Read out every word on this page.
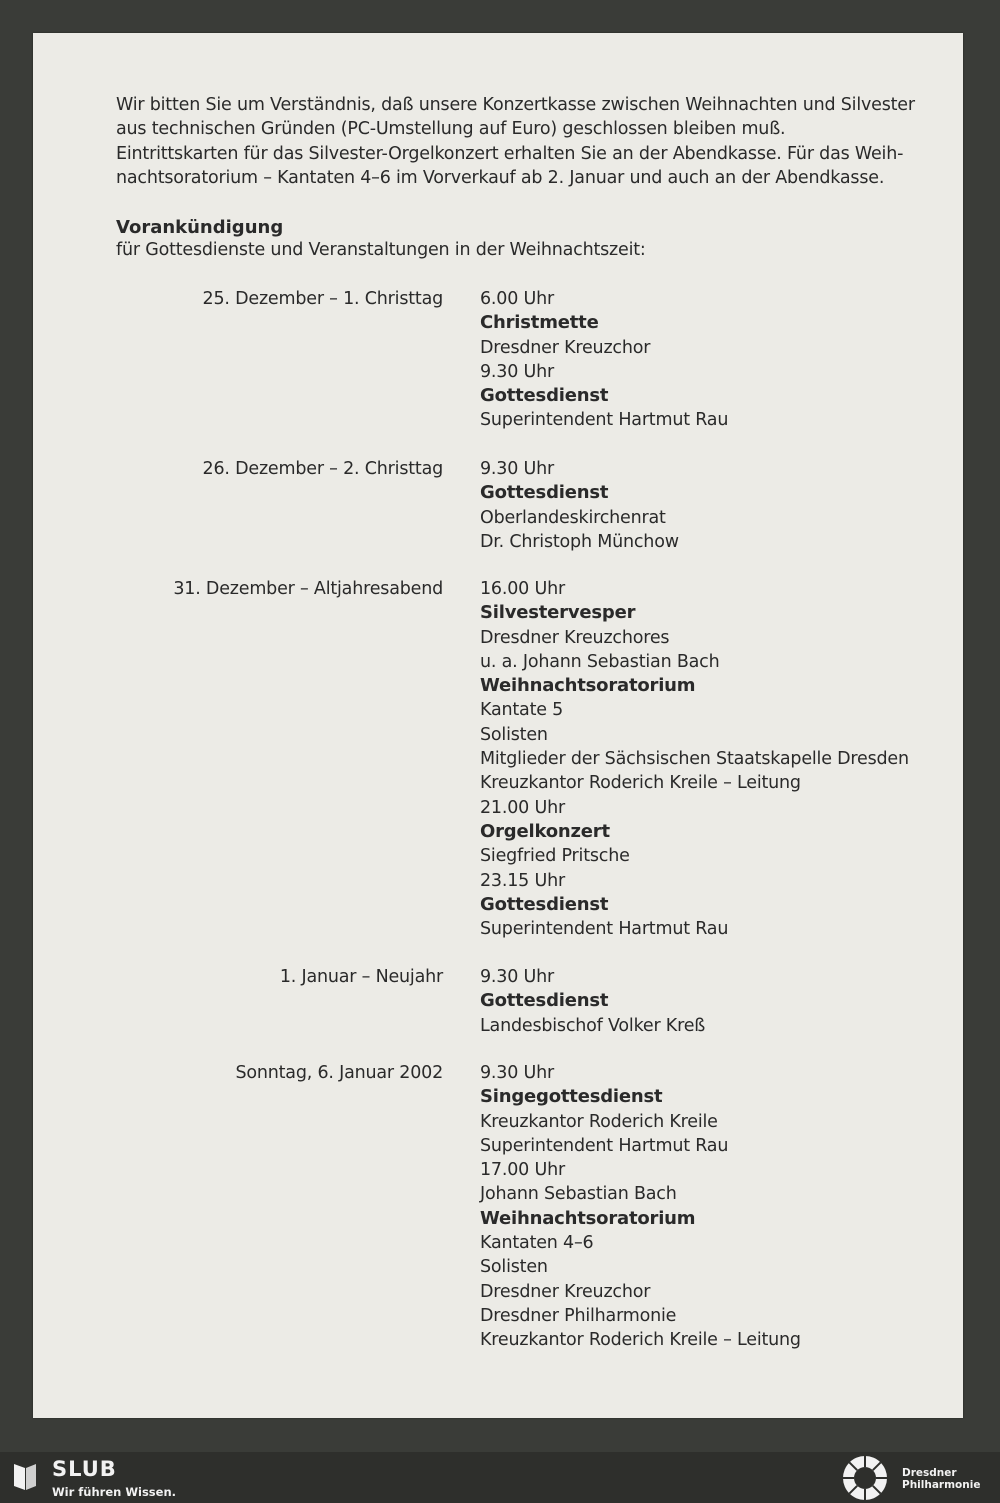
Wir bitten Sie um Verständnis, daß unsere Konzertkasse zwischen Weihnachten und Silvester

aus technischen Gründen (PC-Umstellung auf Euro) geschlossen bleiben muß.

Eintrittskarten für das Silvester-Orgelkonzert erhalten Sie an der Abendkasse. Für das Weih-

nachtsoratorium – Kantaten 4–6 im Vorverkauf ab 2. Januar und auch an der Abendkasse.

Vorankündigung
für Gottesdienste und Veranstaltungen in der Weihnachtszeit:
25. Dezember – 1. Christtag 6.00 Uhr
Christmette
Dresdner Kreuzchor
9.30 Uhr
Gottesdienst
Superintendent Hartmut Rau
26. Dezember – 2. Christtag 9.30 Uhr
Gottesdienst
Oberlandeskirchenrat
Dr. Christoph Münchow
31. Dezember – Altjahresabend 16.00 Uhr
Silvestervesper
Dresdner Kreuzchores
u. a. Johann Sebastian Bach
Weihnachtsoratorium
Kantate 5
Solisten
Mitglieder der Sächsischen Staatskapelle Dresden
Kreuzkantor Roderich Kreile – Leitung
21.00 Uhr
Orgelkonzert
Siegfried Pritsche
23.15 Uhr
Gottesdienst
Superintendent Hartmut Rau
1. Januar – Neujahr 9.30 Uhr
Gottesdienst
Landesbischof Volker Kreß
Sonntag, 6. Januar 2002 9.30 Uhr
Singegottesdienst
Kreuzkantor Roderich Kreile
Superintendent Hartmut Rau
17.00 Uhr
Johann Sebastian Bach
Weihnachtsoratorium
Kantaten 4–6
Solisten
Dresdner Kreuzchor
Dresdner Philharmonie
Kreuzkantor Roderich Kreile – Leitung
SLUB
Wir führen Wissen.
Dresdner
Philharmonie
